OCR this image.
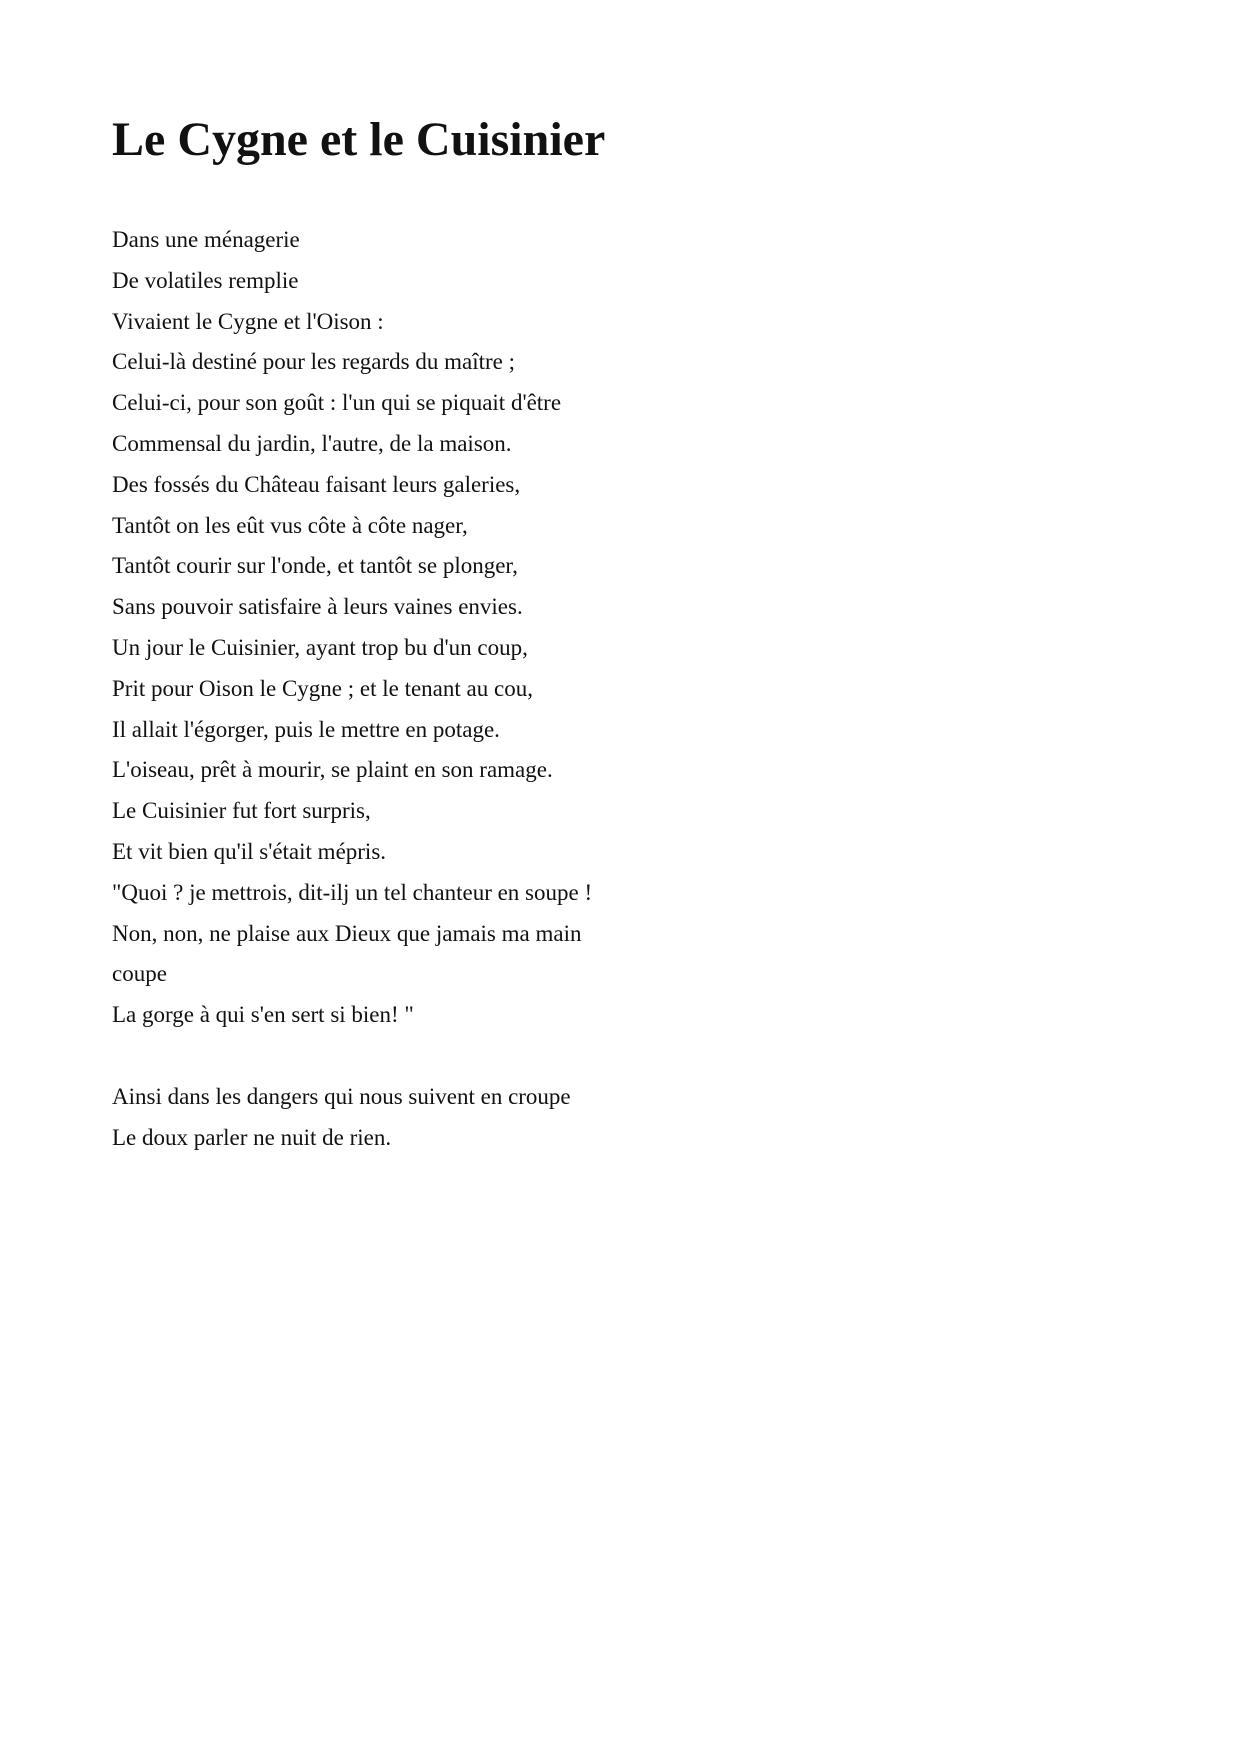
Le Cygne et le Cuisinier
Dans une ménagerie
De volatiles remplie
Vivaient le Cygne et l'Oison :
Celui-là destiné pour les regards du maître ;
Celui-ci, pour son goût : l'un qui se piquait d'être
Commensal du jardin, l'autre, de la maison.
Des fossés du Château faisant leurs galeries,
Tantôt on les eût vus côte à côte nager,
Tantôt courir sur l'onde, et tantôt se plonger,
Sans pouvoir satisfaire à leurs vaines envies.
Un jour le Cuisinier, ayant trop bu d'un coup,
Prit pour Oison le Cygne ; et le tenant au cou,
Il allait l'égorger, puis le mettre en potage.
L'oiseau, prêt à mourir, se plaint en son ramage.
Le Cuisinier fut fort surpris,
Et vit bien qu'il s'était mépris.
"Quoi ? je mettrois, dit-ilj un tel chanteur en soupe !
Non, non, ne plaise aux Dieux que jamais ma main
coupe
La gorge à qui s'en sert si bien! "
Ainsi dans les dangers qui nous suivent en croupe
Le doux parler ne nuit de rien.
